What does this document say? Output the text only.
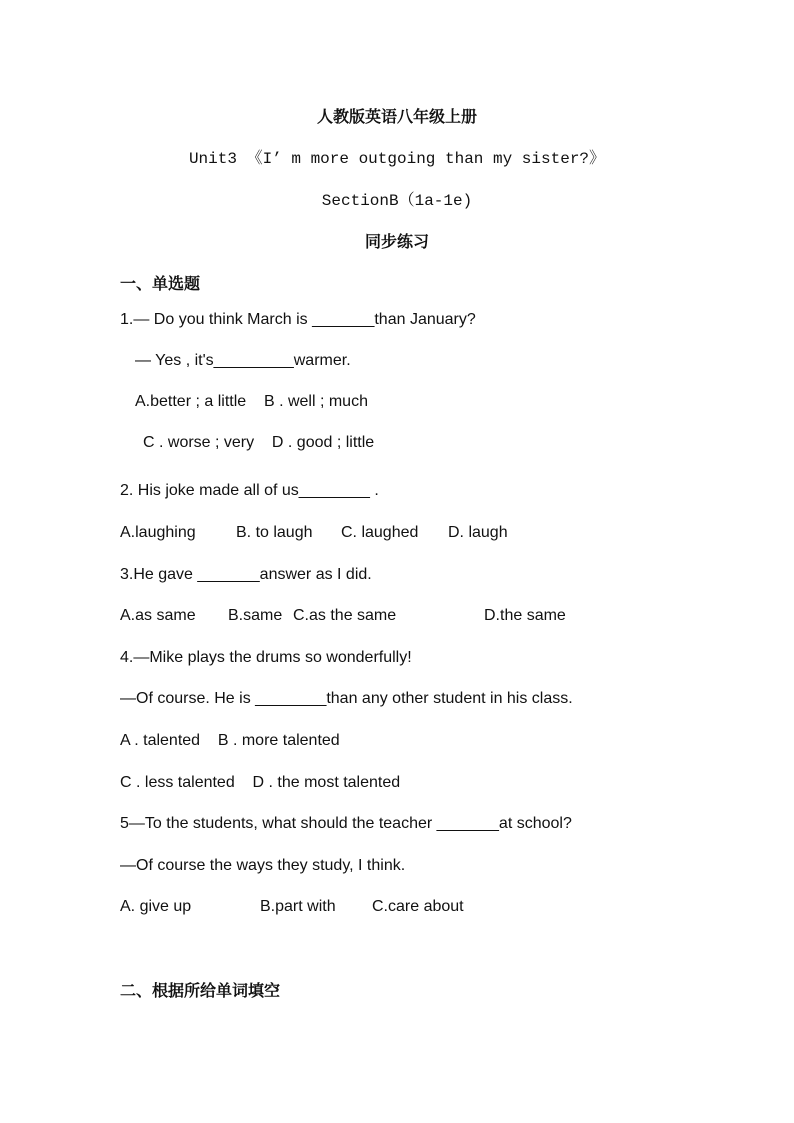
人教版英语八年级上册
Unit3 《I’ m more outgoing than my sister?》
SectionB（1a-1e)
同步练习
一、单选题
1.— Do you think March is _______than January?
— Yes , it's_________warmer.
A.better ; a little    B . well ; much
C . worse ; very    D . good ; little
2. His joke made all of us________ .
A.laughing	B. to laugh C. laughed D. laugh
3.He gave _______answer as I did.
A.as same B.same C.as the same	D.the same
4.—Mike plays the drums so wonderfully!
—Of course. He is ________than any other student in his class.
A . talented    B . more talented
C . less talented    D . the most talented
5—To the students, what should the teacher _______at school?
—Of course the ways they study, I think.
A. give up	B.part with C.care about
二、根据所给单词填空
